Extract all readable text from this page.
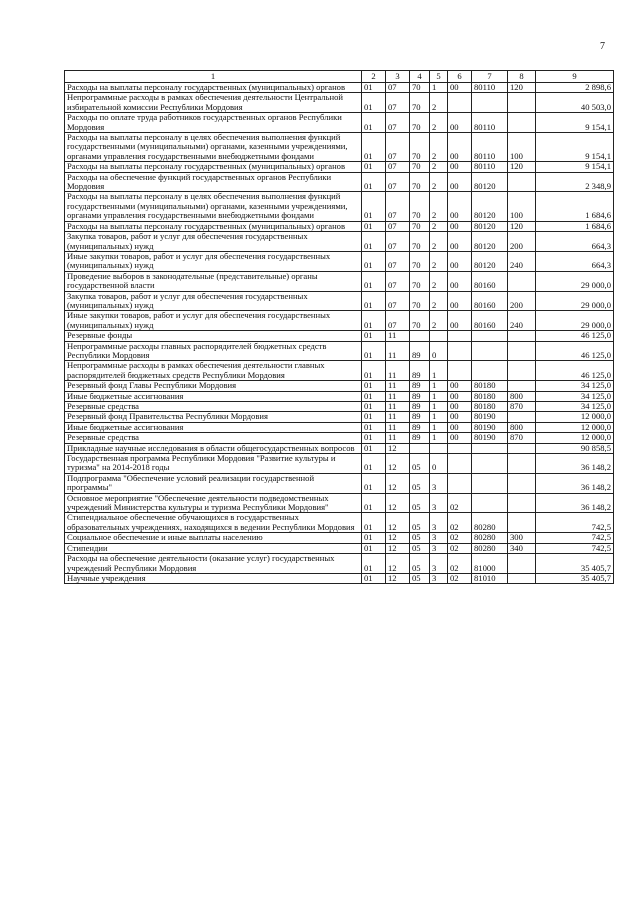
7
1	2	3	4	5	6	7	8	9
Расходы на выплаты персоналу государственных (муниципальных) органов	01	07	70	1	00	80110	120	2 898,6
Непрограммные расходы в рамках обеспечения деятельности Центральной избирательной комиссии Республики Мордовия	01	07	70	2				40 503,0
Расходы по оплате труда работников государственных органов Республики Мордовия	01	07	70	2	00	80110		9 154,1
Расходы на выплаты персоналу в целях обеспечения выполнения функций государственными (муниципальными) органами, казенными учреждениями, органами управления государственными внебюджетными фондами	01	07	70	2	00	80110	100	9 154,1
Расходы на выплаты персоналу государственных (муниципальных) органов	01	07	70	2	00	80110	120	9 154,1
Расходы на обеспечение функций государственных органов Республики Мордовия	01	07	70	2	00	80120		2 348,9
Расходы на выплаты персоналу в целях обеспечения выполнения функций государственными (муниципальными) органами, казенными учреждениями, органами управления государственными внебюджетными фондами	01	07	70	2	00	80120	100	1 684,6
Расходы на выплаты персоналу государственных (муниципальных) органов	01	07	70	2	00	80120	120	1 684,6
Закупка товаров, работ и услуг для обеспечения государственных (муниципальных) нужд	01	07	70	2	00	80120	200	664,3
Иные закупки товаров, работ и услуг для обеспечения государственных (муниципальных) нужд	01	07	70	2	00	80120	240	664,3
Проведение выборов в законодательные (представительные) органы государственной власти	01	07	70	2	00	80160		29 000,0
Закупка товаров, работ и услуг для обеспечения государственных (муниципальных) нужд	01	07	70	2	00	80160	200	29 000,0
Иные закупки товаров, работ и услуг для обеспечения государственных (муниципальных) нужд	01	07	70	2	00	80160	240	29 000,0
Резервные фонды	01	11						46 125,0
Непрограммные расходы главных распорядителей бюджетных средств Республики Мордовия	01	11	89	0				46 125,0
Непрограммные расходы в рамках обеспечения деятельности главных распорядителей бюджетных средств Республики Мордовия	01	11	89	1				46 125,0
Резервный фонд Главы Республики Мордовия	01	11	89	1	00	80180		34 125,0
Иные бюджетные ассигнования	01	11	89	1	00	80180	800	34 125,0
Резервные средства	01	11	89	1	00	80180	870	34 125,0
Резервный фонд Правительства Республики Мордовия	01	11	89	1	00	80190		12 000,0
Иные бюджетные ассигнования	01	11	89	1	00	80190	800	12 000,0
Резервные средства	01	11	89	1	00	80190	870	12 000,0
Прикладные научные исследования в области общегосударственных вопросов	01	12						90 858,5
Государственная программа Республики Мордовия "Развитие культуры и туризма" на 2014-2018 годы	01	12	05	0				36 148,2
Подпрограмма "Обеспечение условий реализации государственной программы"	01	12	05	3				36 148,2
Основное мероприятие "Обеспечение деятельности подведомственных учреждений Министерства культуры и туризма Республики Мордовия"	01	12	05	3	02			36 148,2
Стипендиальное обеспечение обучающихся в государственных образовательных учреждениях, находящихся в ведении Республики Мордовия	01	12	05	3	02	80280		742,5
Социальное обеспечение и иные выплаты населению	01	12	05	3	02	80280	300	742,5
Стипендии	01	12	05	3	02	80280	340	742,5
Расходы на обеспечение деятельности (оказание услуг) государственных учреждений Республики Мордовия	01	12	05	3	02	81000		35 405,7
Научные учреждения	01	12	05	3	02	81010		35 405,7
